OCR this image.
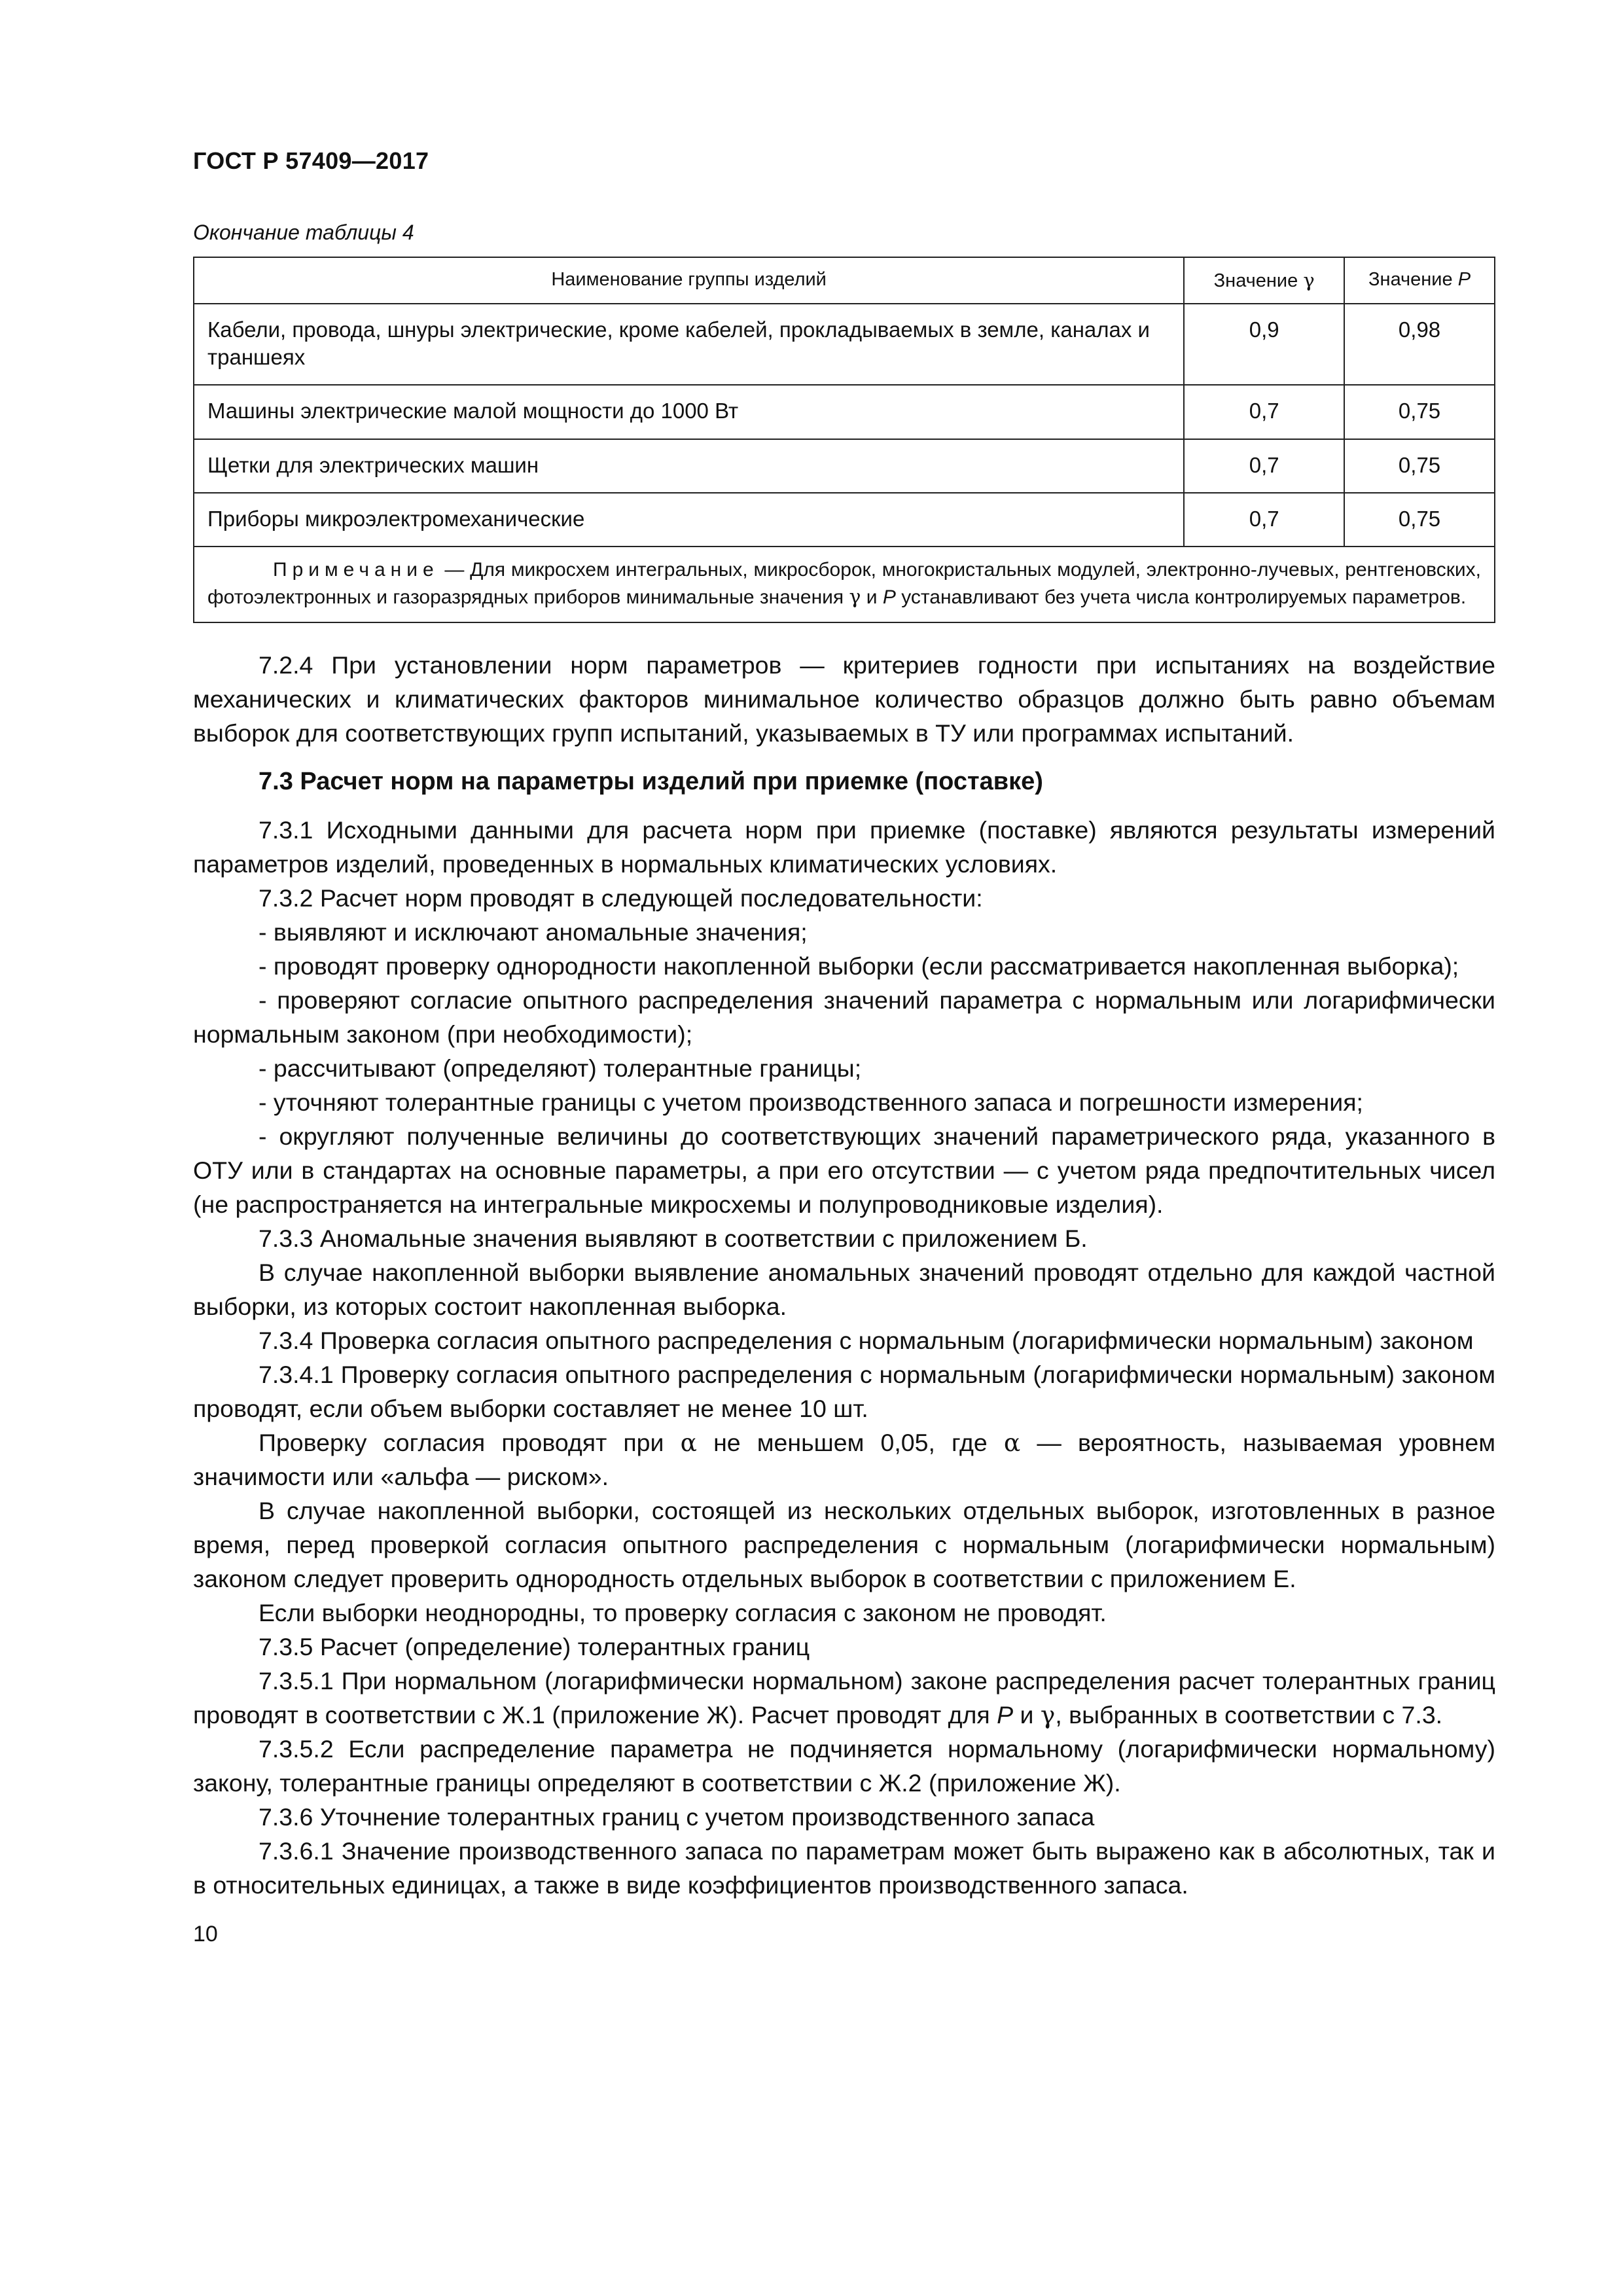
ГОСТ Р 57409—2017
Окончание таблицы 4
Наименование группы изделий	Значение γ	Значение P
Кабели, провода, шнуры электрические, кроме кабелей, прокладываемых в земле, каналах и траншеях	0,9	0,98
Машины электрические малой мощности до 1000 Вт	0,7	0,75
Щетки для электрических машин	0,7	0,75
Приборы микроэлектромеханические	0,7	0,75
Примечание — Для микросхем интегральных, микросборок, многокристальных модулей, электронно-лучевых, рентгеновских, фотоэлектронных и газоразрядных приборов минимальные значения γ и P устанавливают без учета числа контролируемых параметров.		

7.2.4 При установлении норм параметров — критериев годности при испытаниях на воздействие механических и климатических факторов минимальное количество образцов должно быть равно объемам выборок для соответствующих групп испытаний, указываемых в ТУ или программах испытаний.

7.3 Расчет норм на параметры изделий при приемке (поставке)

7.3.1 Исходными данными для расчета норм при приемке (поставке) являются результаты измерений параметров изделий, проведенных в нормальных климатических условиях.

7.3.2 Расчет норм проводят в следующей последовательности:

- выявляют и исключают аномальные значения;

- проводят проверку однородности накопленной выборки (если рассматривается накопленная выборка);

- проверяют согласие опытного распределения значений параметра с нормальным или логарифмически нормальным законом (при необходимости);

- рассчитывают (определяют) толерантные границы;

- уточняют толерантные границы с учетом производственного запаса и погрешности измерения;

- округляют полученные величины до соответствующих значений параметрического ряда, указанного в ОТУ или в стандартах на основные параметры, а при его отсутствии — с учетом ряда предпочтительных чисел (не распространяется на интегральные микросхемы и полупроводниковые изделия).

7.3.3 Аномальные значения выявляют в соответствии с приложением Б.

В случае накопленной выборки выявление аномальных значений проводят отдельно для каждой частной выборки, из которых состоит накопленная выборка.

7.3.4 Проверка согласия опытного распределения с нормальным (логарифмически нормальным) законом

7.3.4.1 Проверку согласия опытного распределения с нормальным (логарифмически нормальным) законом проводят, если объем выборки составляет не менее 10 шт.

Проверку согласия проводят при α не меньшем 0,05, где α — вероятность, называемая уровнем значимости или «альфа — риском».

В случае накопленной выборки, состоящей из нескольких отдельных выборок, изготовленных в разное время, перед проверкой согласия опытного распределения с нормальным (логарифмически нормальным) законом следует проверить однородность отдельных выборок в соответствии с приложением Е.

Если выборки неоднородны, то проверку согласия с законом не проводят.

7.3.5 Расчет (определение) толерантных границ

7.3.5.1 При нормальном (логарифмически нормальном) законе распределения расчет толерантных границ проводят в соответствии с Ж.1 (приложение Ж). Расчет проводят для P и γ, выбранных в соответствии с 7.3.

7.3.5.2 Если распределение параметра не подчиняется нормальному (логарифмически нормальному) закону, толерантные границы определяют в соответствии с Ж.2 (приложение Ж).

7.3.6 Уточнение толерантных границ с учетом производственного запаса

7.3.6.1 Значение производственного запаса по параметрам может быть выражено как в абсолютных, так и в относительных единицах, а также в виде коэффициентов производственного запаса.

10
